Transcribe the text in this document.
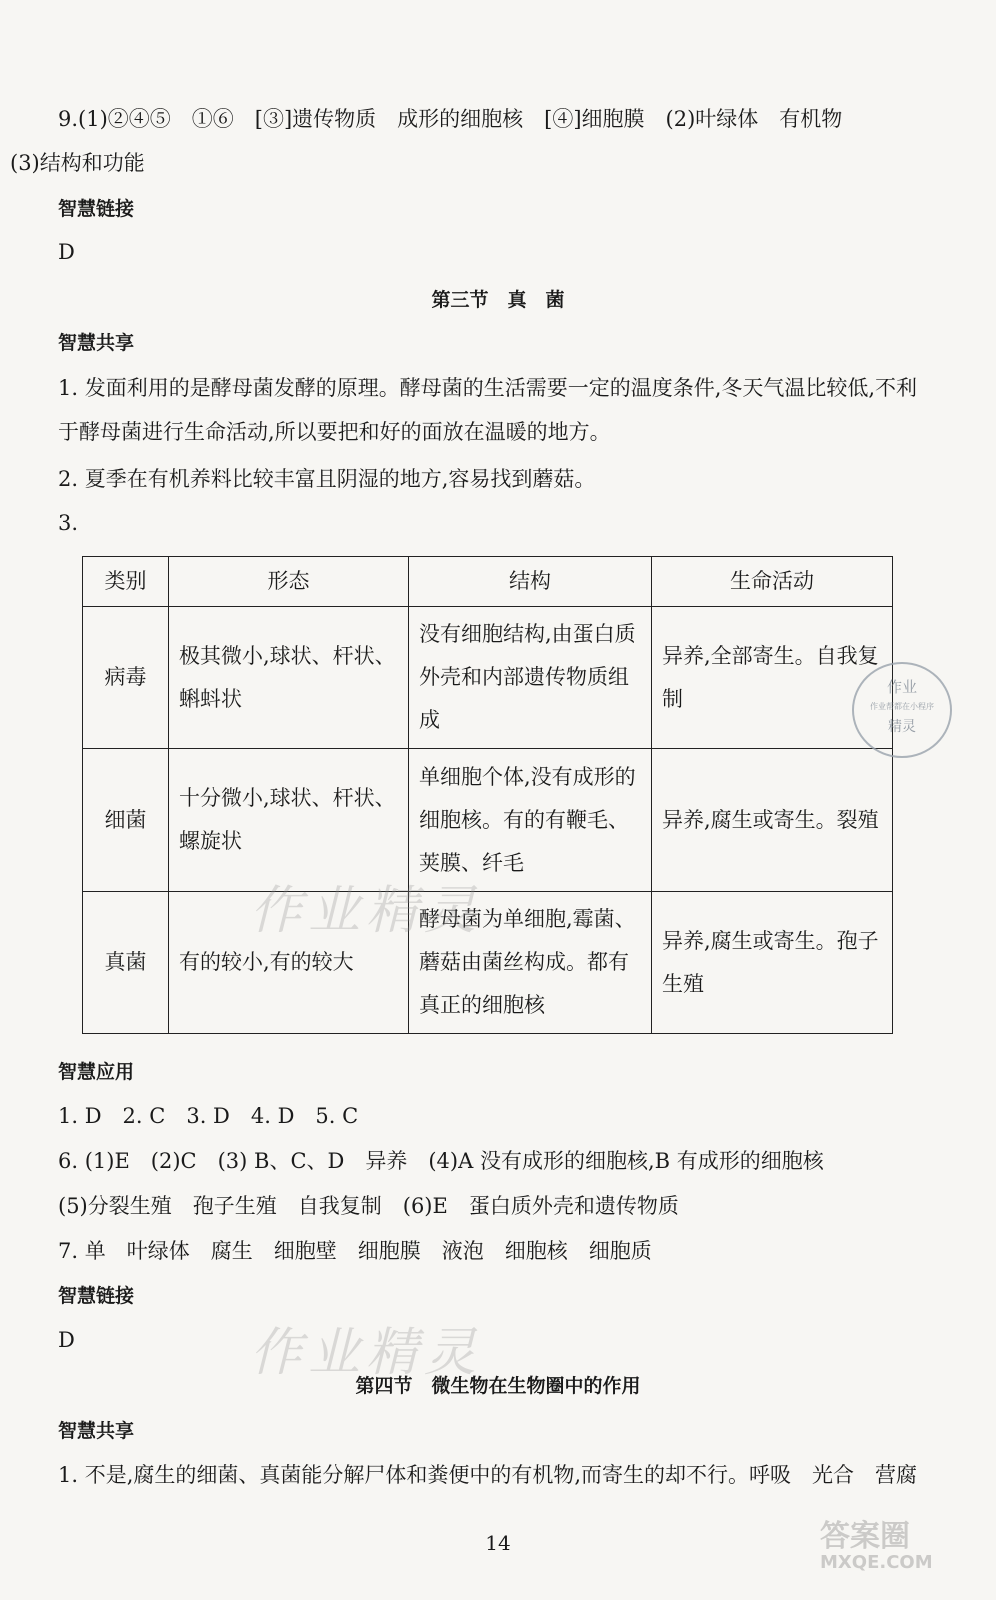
9.(1)②④⑤　①⑥　[③]遗传物质　成形的细胞核　[④]细胞膜　(2)叶绿体　有机物
(3)结构和功能
智慧链接
D
第三节　真　菌
智慧共享
1. 发面利用的是酵母菌发酵的原理。酵母菌的生活需要一定的温度条件,冬天气温比较低,不利
于酵母菌进行生命活动,所以要把和好的面放在温暖的地方。
2. 夏季在有机养料比较丰富且阴湿的地方,容易找到蘑菇。
3.
类别	形态	结构	生命活动
病毒	极其微小,球状、杆状、蝌蚪状	没有细胞结构,由蛋白质外壳和内部遗传物质组成	异养,全部寄生。自我复制
细菌	十分微小,球状、杆状、螺旋状	单细胞个体,没有成形的细胞核。有的有鞭毛、荚膜、纤毛	异养,腐生或寄生。裂殖
真菌	有的较小,有的较大	酵母菌为单细胞,霉菌、蘑菇由菌丝构成。都有真正的细胞核	异养,腐生或寄生。孢子生殖
智慧应用
1. D　2. C　3. D　4. D　5. C
6. (1)E　(2)C　(3) B、C、D　异养　(4)A 没有成形的细胞核,B 有成形的细胞核
(5)分裂生殖　孢子生殖　自我复制　(6)E　蛋白质外壳和遗传物质
7. 单　叶绿体　腐生　细胞壁　细胞膜　液泡　细胞核　细胞质
智慧链接
D
第四节　微生物在生物圈中的作用
智慧共享
1. 不是,腐生的细菌、真菌能分解尸体和粪便中的有机物,而寄生的却不行。呼吸　光合　营腐
14
作业精灵
作业精灵
作业
作业帮都在小程序
精灵
答案圈
MXQE.COM
